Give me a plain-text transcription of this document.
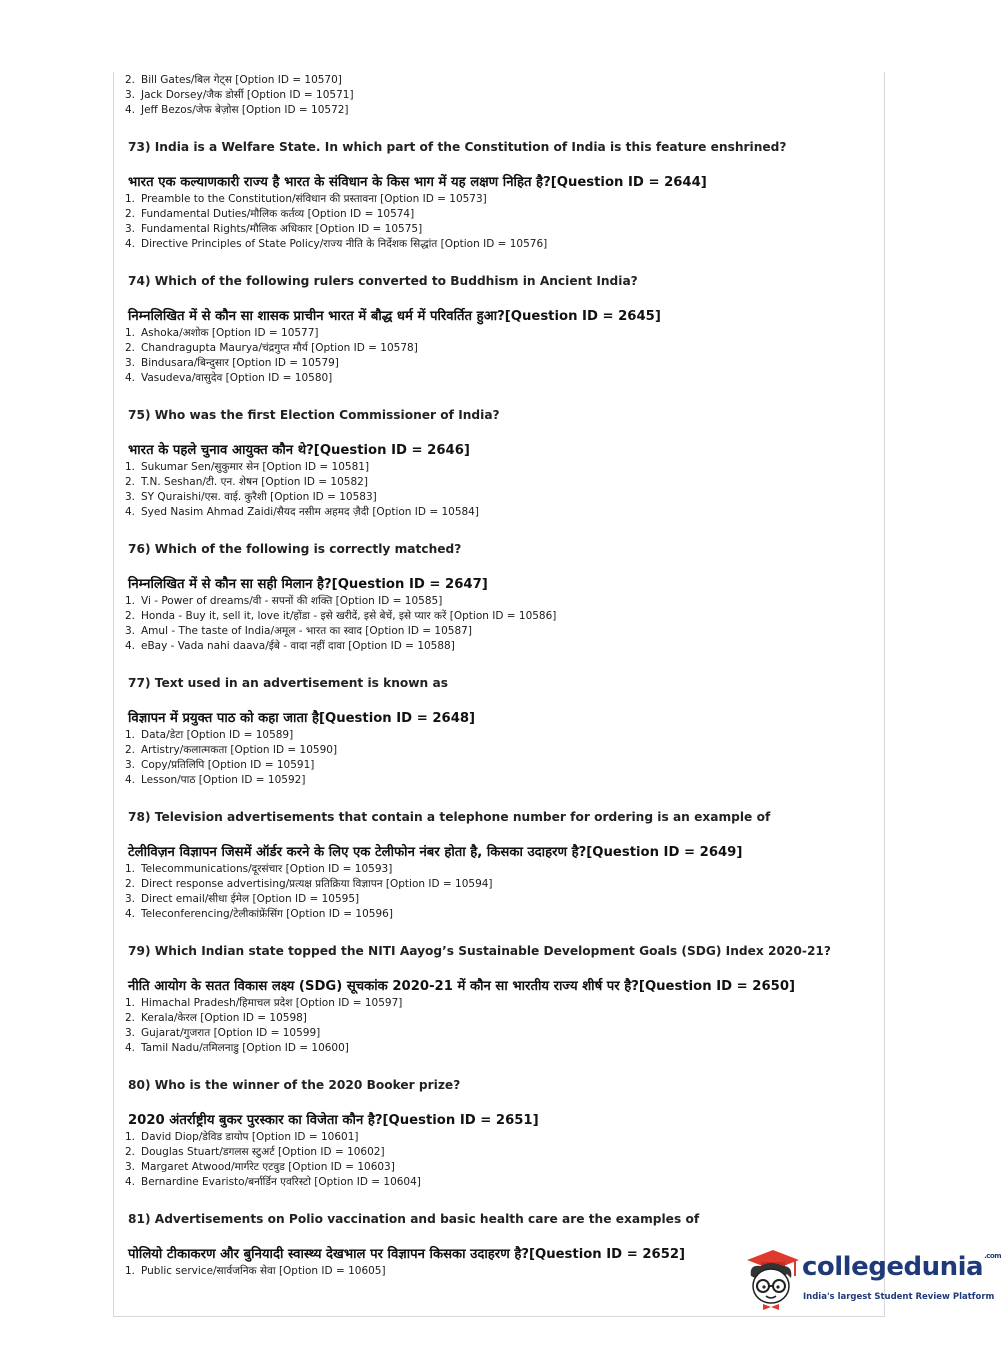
2. Bill Gates/बिल गेट्स [Option ID = 10570]
3. Jack Dorsey/जैक डोर्सी [Option ID = 10571]
4. Jeff Bezos/जेफ बेज़ोस [Option ID = 10572]
73) India is a Welfare State. In which part of the Constitution of India is this feature enshrined?
भारत एक कल्याणकारी राज्य है भारत के संविधान के किस भाग में यह लक्षण निहित है?[Question ID = 2644]
1. Preamble to the Constitution/संविधान की प्रस्तावना [Option ID = 10573]
2. Fundamental Duties/मौलिक कर्तव्य [Option ID = 10574]
3. Fundamental Rights/मौलिक अधिकार [Option ID = 10575]
4. Directive Principles of State Policy/राज्य नीति के निर्देशक सिद्धांत [Option ID = 10576]
74) Which of the following rulers converted to Buddhism in Ancient India?
निम्नलिखित में से कौन सा शासक प्राचीन भारत में बौद्ध धर्म में परिवर्तित हुआ?[Question ID = 2645]
1. Ashoka/अशोक [Option ID = 10577]
2. Chandragupta Maurya/चंद्रगुप्त मौर्य [Option ID = 10578]
3. Bindusara/बिन्दुसार [Option ID = 10579]
4. Vasudeva/वासुदेव [Option ID = 10580]
75) Who was the first Election Commissioner of India?
भारत के पहले चुनाव आयुक्त कौन थे?[Question ID = 2646]
1. Sukumar Sen/सुकुमार सेन [Option ID = 10581]
2. T.N. Seshan/टी. एन. शेषन [Option ID = 10582]
3. SY Quraishi/एस. वाई. कुरैशी [Option ID = 10583]
4. Syed Nasim Ahmad Zaidi/सैयद नसीम अहमद ज़ैदी [Option ID = 10584]
76) Which of the following is correctly matched?
निम्नलिखित में से कौन सा सही मिलान है?[Question ID = 2647]
1. Vi - Power of dreams/वी - सपनों की शक्ति [Option ID = 10585]
2. Honda - Buy it, sell it, love it/होंडा - इसे खरीदें, इसे बेचें, इसे प्यार करें [Option ID = 10586]
3. Amul - The taste of India/अमूल - भारत का स्वाद [Option ID = 10587]
4. eBay - Vada nahi daava/ईबे - वादा नहीं दावा [Option ID = 10588]
77) Text used in an advertisement is known as
विज्ञापन में प्रयुक्त पाठ को कहा जाता है[Question ID = 2648]
1. Data/डेटा [Option ID = 10589]
2. Artistry/कलात्मकता [Option ID = 10590]
3. Copy/प्रतिलिपि [Option ID = 10591]
4. Lesson/पाठ [Option ID = 10592]
78) Television advertisements that contain a telephone number for ordering is an example of
टेलीविज़न विज्ञापन जिसमें ऑर्डर करने के लिए एक टेलीफोन नंबर होता है, किसका उदाहरण है?[Question ID = 2649]
1. Telecommunications/दूरसंचार [Option ID = 10593]
2. Direct response advertising/प्रत्यक्ष प्रतिक्रिया विज्ञापन [Option ID = 10594]
3. Direct email/सीधा ईमेल [Option ID = 10595]
4. Teleconferencing/टेलीकांफ्रेंसिंग [Option ID = 10596]
79) Which Indian state topped the NITI Aayog’s Sustainable Development Goals (SDG) Index 2020-21?
नीति आयोग के सतत विकास लक्ष्य (SDG) सूचकांक 2020-21 में कौन सा भारतीय राज्य शीर्ष पर है?[Question ID = 2650]
1. Himachal Pradesh/हिमाचल प्रदेश [Option ID = 10597]
2. Kerala/केरल [Option ID = 10598]
3. Gujarat/गुजरात [Option ID = 10599]
4. Tamil Nadu/तमिलनाडु [Option ID = 10600]
80) Who is the winner of the 2020 Booker prize?
2020 अंतर्राष्ट्रीय बुकर पुरस्कार का विजेता कौन है?[Question ID = 2651]
1. David Diop/डेविड डायोप [Option ID = 10601]
2. Douglas Stuart/डगलस स्टुअर्ट [Option ID = 10602]
3. Margaret Atwood/मार्गरेट एटवुड [Option ID = 10603]
4. Bernardine Evaristo/बर्नार्डिन एवरिस्टो [Option ID = 10604]
81) Advertisements on Polio vaccination and basic health care are the examples of
पोलियो टीकाकरण और बुनियादी स्वास्थ्य देखभाल पर विज्ञापन किसका उदाहरण है?[Question ID = 2652]
1. Public service/सार्वजनिक सेवा [Option ID = 10605]	collegedunia$^{.com}$
India's largest Student Review Platform
